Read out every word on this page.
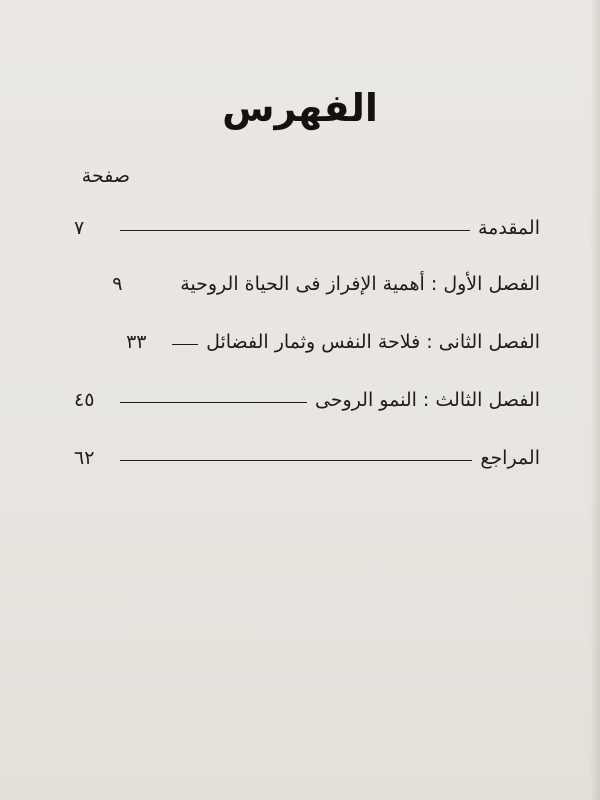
الفهرس
صفحة
المقدمة
٧
الفصل الأول : أهمية الإفراز فى الحياة الروحية
٩
الفصل الثانى : فلاحة النفس وثمار الفضائل
٣٣
الفصل الثالث : النمو الروحى
٤٥
المراجع
٦٢
